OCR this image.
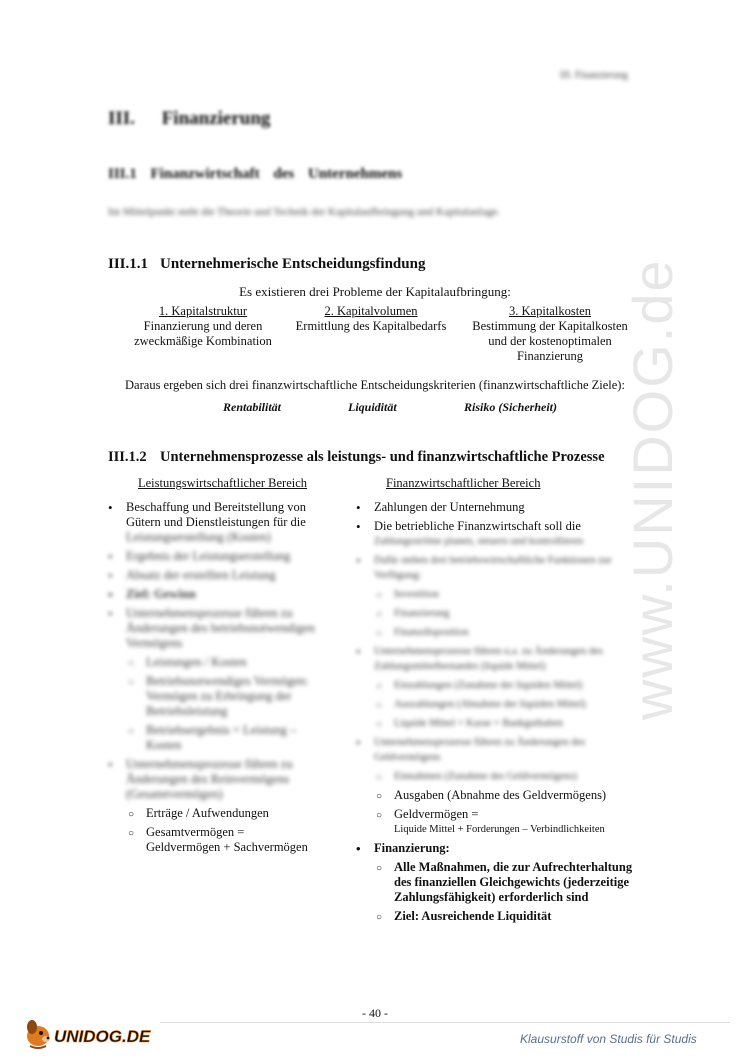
www.UNIDOG.de
III. Finanzierung
III. Finanzierung
III.1 Finanzwirtschaft des Unternehmens
Im Mittelpunkt steht die Theorie und Technik der Kapitalaufbringung und Kapitalanlage.
III.1.1 Unternehmerische Entscheidungsfindung
Es existieren drei Probleme der Kapitalaufbringung:
1. Kapitalstruktur
Finanzierung und deren
zweckmäßige Kombination
2. Kapitalvolumen
Ermittlung des Kapitalbedarfs
3. Kapitalkosten
Bestimmung der Kapitalkosten
und der kostenoptimalen
Finanzierung
Daraus ergeben sich drei finanzwirtschaftliche Entscheidungskriterien (finanzwirtschaftliche Ziele):
Rentabilität	Liquidität	Risiko (Sicherheit)
III.1.2 Unternehmensprozesse als leistungs- und finanzwirtschaftliche Prozesse
Leistungswirtschaftlicher Bereich	Finanzwirtschaftlicher Bereich
• Beschaffung und Bereitstellung von
Gütern und Dienstleistungen für die
Leistungserstellung (Kosten)
• Ergebnis der Leistungserstellung
• Absatz der erstellten Leistung
• Ziel: Gewinn
• Unternehmensprozesse führen zu Änderungen des betriebsnotwendigen Vermögens
○ Leistungen / Kosten
○ Betriebsnotwendiges Vermögen: Vermögen zu Erbringung der Betriebsleistung
○ Betriebsergebnis = Leistung – Kosten
• Unternehmensprozesse führen zu Änderungen des Reinvermögens (Gesamtvermögen)
○ Erträge / Aufwendungen
○ Gesamtvermögen =
Geldvermögen + Sachvermögen
• Zahlungen der Unternehmung
• Die betriebliche Finanzwirtschaft soll die
Zahlungsströme planen, steuern und kontrollieren
• Dafür stehen drei betriebswirtschaftliche Funktionen zur Verfügung:
○ Investition
○ Finanzierung
○ Finanzdisposition
• Unternehmensprozesse führen u.a. zu Änderungen des Zahlungsmittelbestandes (liquide Mittel)
○ Einzahlungen (Zunahme der liquiden Mittel)
○ Auszahlungen (Abnahme der liquiden Mittel)
○ Liquide Mittel = Kasse + Bankguthaben
• Unternehmensprozesse führen zu Änderungen des Geldvermögens
○ Einnahmen (Zunahme des Geldvermögens)
○ Ausgaben (Abnahme des Geldvermögens)
○ Geldvermögen =
Liquide Mittel + Forderungen – Verbindlichkeiten
• Finanzierung:
○ Alle Maßnahmen, die zur Aufrechterhaltung des finanziellen Gleichgewichts (jederzeitige Zahlungsfähigkeit) erforderlich sind
○ Ziel: Ausreichende Liquidität
- 40 -
UNIDOG.DE	Klausurstoff von Studis für Studis
